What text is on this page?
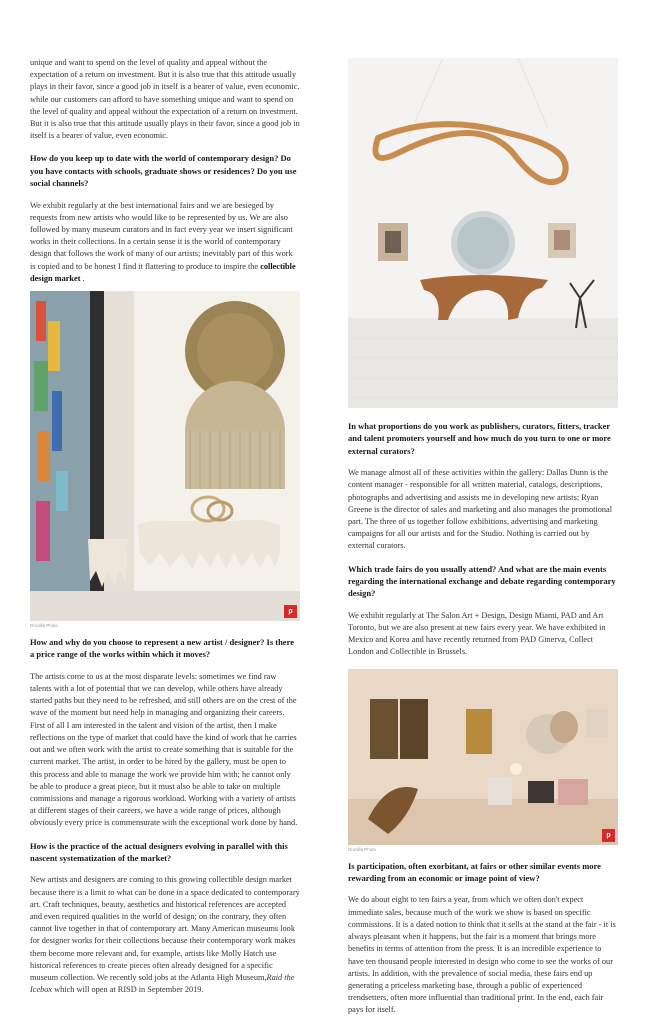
unique and want to spend on the level of quality and appeal without the expectation of a return on investment. But it is also true that this attitude usually plays in their favor, since a good job in itself is a bearer of value, even economic. while our customers can afford to have something unique and want to spend on the level of quality and appeal without the expectation of a return on investment. But it is also true that this attitude usually plays in their favor, since a good job in itself is a bearer of value, even economic.

How do you keep up to date with the world of contemporary design? Do you have contacts with schools, graduate shows or residences? Do you use social channels?

We exhibit regularly at the best international fairs and we are besieged by requests from new artists who would like to be represented by us. We are also followed by many museum curators and in fact every year we insert significant works in their collections. In a certain sense it is the world of contemporary design that follows the work of many of our artists; inevitably part of this work is copied and to be honest I find it flattering to produce to inspire the collectible design market .

p
Drusilla Photo
How and why do you choose to represent a new artist / designer? Is there a price range of the works within which it moves?

The artists come to us at the most disparate levels: sometimes we find raw talents with a lot of potential that we can develop, while others have already started paths but they need to be refreshed, and still others are on the crest of the wave of the moment but need help in managing and organizing their careers. First of all I am interested in the talent and vision of the artist, then I make reflections on the type of market that could have the kind of work that he carries out and we often work with the artist to create something that is suitable for the current market. The artist, in order to be hired by the gallery, must be open to this process and able to manage the work we provide him with; he cannot only be able to produce a great piece, but it must also be able to take on multiple commissions and manage a rigorous workload. Working with a variety of artists at different stages of their careers, we have a wide range of prices, although obviously every price is commensurate with the exceptional work done by hand.

How is the practice of the actual designers evolving in parallel with this nascent systematization of the market?

New artists and designers are coming to this growing collectible design market because there is a limit to what can be done in a space dedicated to contemporary art. Craft techniques, beauty, aesthetics and historical references are accepted and even required qualities in the world of design; on the contrary, they often cannot live together in that of contemporary art. Many American museums look for designer works for their collections because their contemporary work makes them become more relevant and, for example, artists like Molly Hatch use historical references to create pieces often already designed for a specific museum collection. We recently sold jobs at the Atlanta High Museum,Raid the Icebox which will open at RISD in September 2019.

In what proportions do you work as publishers, curators, fitters, tracker and talent promoters yourself and how much do you turn to one or more external curators?

We manage almost all of these activities within the gallery: Dallas Dunn is the content manager - responsible for all written material, catalogs, descriptions, photographs and advertising and assists me in developing new artists; Ryan Greene is the director of sales and marketing and also manages the promotional part. The three of us together follow exhibitions, advertising and marketing campaigns for all our artists and for the Studio. Nothing is carried out by external curators.

Which trade fairs do you usually attend? And what are the main events regarding the international exchange and debate regarding contemporary design?

We exhibit regularly at The Salon Art + Design, Design Miami, PAD and Art Toronto, but we are also present at new fairs every year. We have exhibited in Mexico and Korea and have recently returned from PAD Ginerva, Collect London and Collectible in Brussels.

p
Drusilla Photo
Is participation, often exorbitant, at fairs or other similar events more rewarding from an economic or image point of view?

We do about eight to ten fairs a year, from which we often don't expect immediate sales, because much of the work we show is based on specific commissions. It is a dated notion to think that it sells at the stand at the fair - it is always pleasant when it happens, but the fair is a moment that brings more benefits in terms of attention from the press. It is an incredible experience to have ten thousand people interested in design who come to see the works of our artists. In addition, with the prevalence of social media, these fairs end up generating a priceless marketing base, through a public of experienced trendsetters, often more influential than traditional print. In the end, each fair pays for itself.
